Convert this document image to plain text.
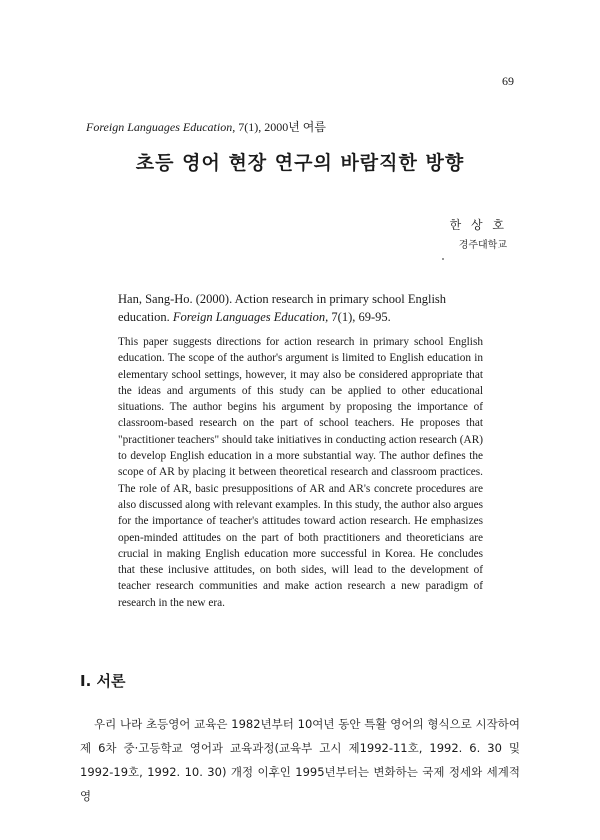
69
Foreign Languages Education, 7(1), 2000년 여름
초등 영어 현장 연구의 바람직한 방향
한 상 호
경주대학교
Han, Sang-Ho. (2000). Action research in primary school English education. Foreign Languages Education, 7(1), 69-95.
This paper suggests directions for action research in primary school English education. The scope of the author's argument is limited to English education in elementary school settings, however, it may also be considered appropriate that the ideas and arguments of this study can be applied to other educational situations. The author begins his argument by proposing the importance of classroom-based research on the part of school teachers. He proposes that "practitioner teachers" should take initiatives in conducting action research (AR) to develop English education in a more substantial way. The author defines the scope of AR by placing it between theoretical research and classroom practices. The role of AR, basic presuppositions of AR and AR's concrete procedures are also discussed along with relevant examples. In this study, the author also argues for the importance of teacher's attitudes toward action research. He emphasizes open-minded attitudes on the part of both practitioners and theoreticians are crucial in making English education more successful in Korea. He concludes that these inclusive attitudes, on both sides, will lead to the development of teacher research communities and make action research a new paradigm of research in the new era.
I. 서론
우리 나라 초등영어 교육은 1982년부터 10여년 동안 특활 영어의 형식으로 시작하여 제 6차 중·고등학교 영어과 교육과정(교육부 고시 제1992-11호, 1992. 6. 30 및 1992-19호, 1992. 10. 30) 개정 이후인 1995년부터는 변화하는 국제 정세와 세계적 영
